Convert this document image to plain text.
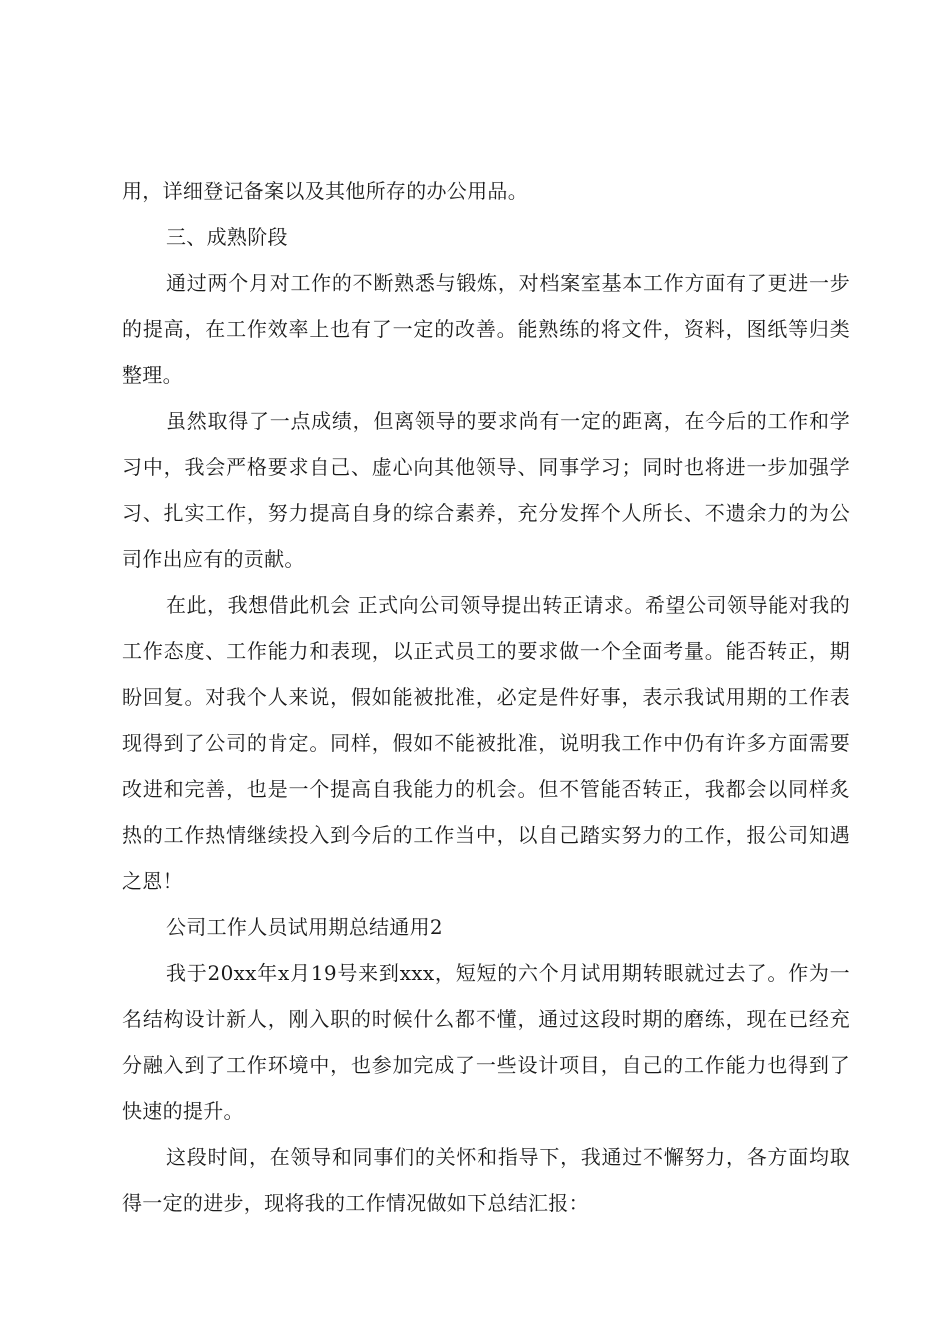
用，详细登记备案以及其他所存的办公用品。

三、成熟阶段

通过两个月对工作的不断熟悉与锻炼，对档案室基本工作方面有了更进一步的提高，在工作效率上也有了一定的改善。能熟练的将文件，资料，图纸等归类整理。

虽然取得了一点成绩，但离领导的要求尚有一定的距离，在今后的工作和学习中，我会严格要求自己、虚心向其他领导、同事学习；同时也将进一步加强学习、扎实工作，努力提高自身的综合素养，充分发挥个人所长、不遗余力的为公司作出应有的贡献。

在此，我想借此机会 正式向公司领导提出转正请求。希望公司领导能对我的工作态度、工作能力和表现，以正式员工的要求做一个全面考量。能否转正，期盼回复。对我个人来说，假如能被批准，必定是件好事，表示我试用期的工作表现得到了公司的肯定。同样，假如不能被批准，说明我工作中仍有许多方面需要改进和完善，也是一个提高自我能力的机会。但不管能否转正，我都会以同样炙热的工作热情继续投入到今后的工作当中，以自己踏实努力的工作，报公司知遇之恩！

公司工作人员试用期总结通用2

我于20xx年x月19号来到xxx，短短的六个月试用期转眼就过去了。作为一名结构设计新人，刚入职的时候什么都不懂，通过这段时期的磨练，现在已经充分融入到了工作环境中，也参加完成了一些设计项目，自己的工作能力也得到了快速的提升。

这段时间，在领导和同事们的关怀和指导下，我通过不懈努力，各方面均取得一定的进步，现将我的工作情况做如下总结汇报：
